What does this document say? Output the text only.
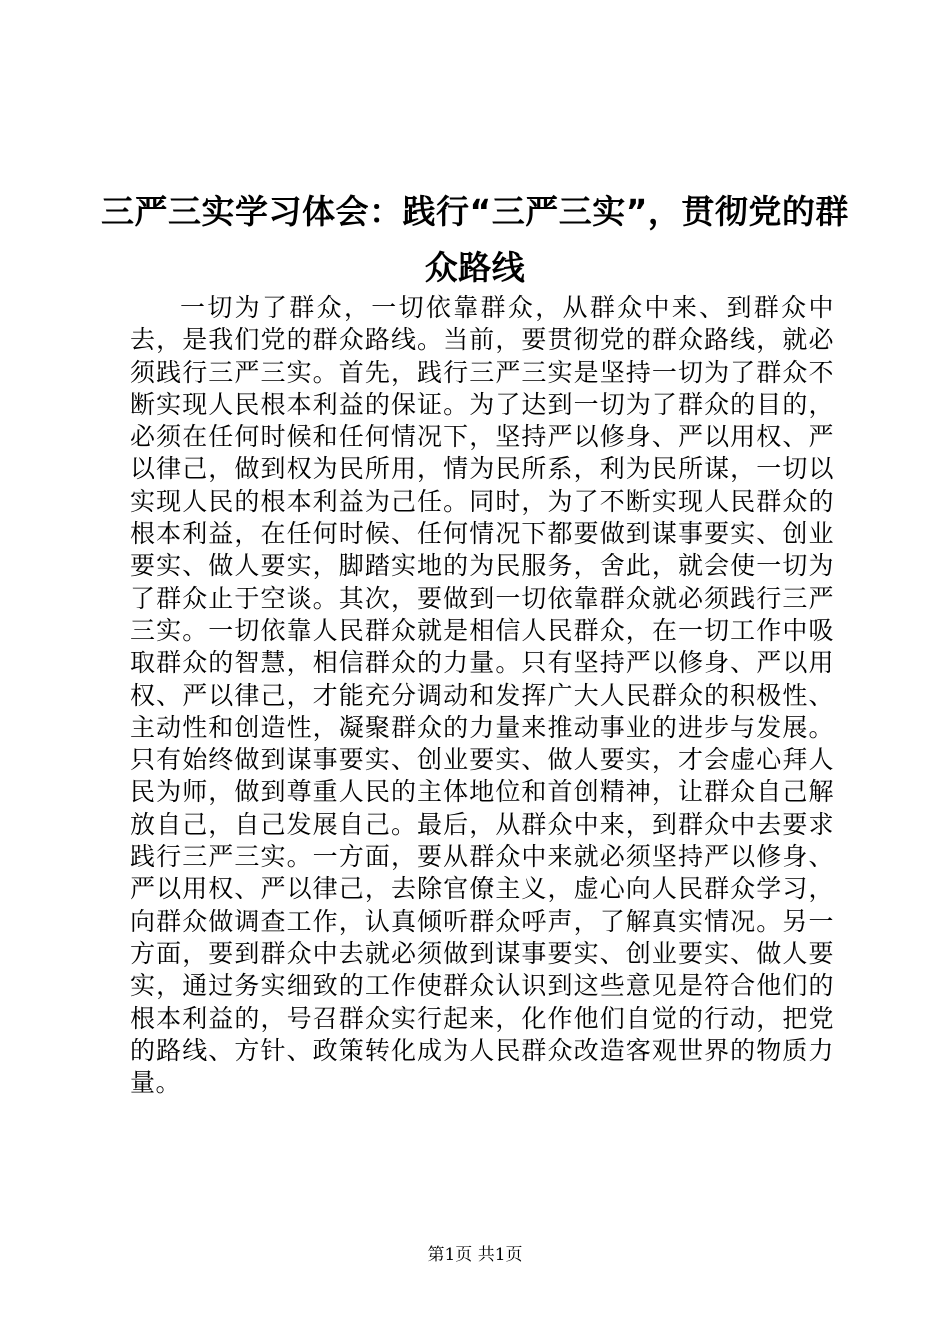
三严三实学习体会：践行“三严三实”，贯彻党的群众路线

一切为了群众，一切依靠群众，从群众中来、到群众中去，是我们党的群众路线。当前，要贯彻党的群众路线，就必须践行三严三实。首先，践行三严三实是坚持一切为了群众不断实现人民根本利益的保证。为了达到一切为了群众的目的，必须在任何时候和任何情况下，坚持严以修身、严以用权、严以律己，做到权为民所用，情为民所系，利为民所谋，一切以实现人民的根本利益为己任。同时，为了不断实现人民群众的根本利益，在任何时候、任何情况下都要做到谋事要实、创业要实、做人要实，脚踏实地的为民服务，舍此，就会使一切为了群众止于空谈。其次，要做到一切依靠群众就必须践行三严三实。一切依靠人民群众就是相信人民群众，在一切工作中吸取群众的智慧，相信群众的力量。只有坚持严以修身、严以用权、严以律己，才能充分调动和发挥广大人民群众的积极性、主动性和创造性，凝聚群众的力量来推动事业的进步与发展。只有始终做到谋事要实、创业要实、做人要实，才会虚心拜人民为师，做到尊重人民的主体地位和首创精神，让群众自己解放自己，自己发展自己。最后，从群众中来，到群众中去要求践行三严三实。一方面，要从群众中来就必须坚持严以修身、严以用权、严以律己，去除官僚主义，虚心向人民群众学习，向群众做调查工作，认真倾听群众呼声，了解真实情况。另一方面，要到群众中去就必须做到谋事要实、创业要实、做人要实，通过务实细致的工作使群众认识到这些意见是符合他们的根本利益的，号召群众实行起来，化作他们自觉的行动，把党的路线、方针、政策转化成为人民群众改造客观世界的物质力量。

第1页 共1页
